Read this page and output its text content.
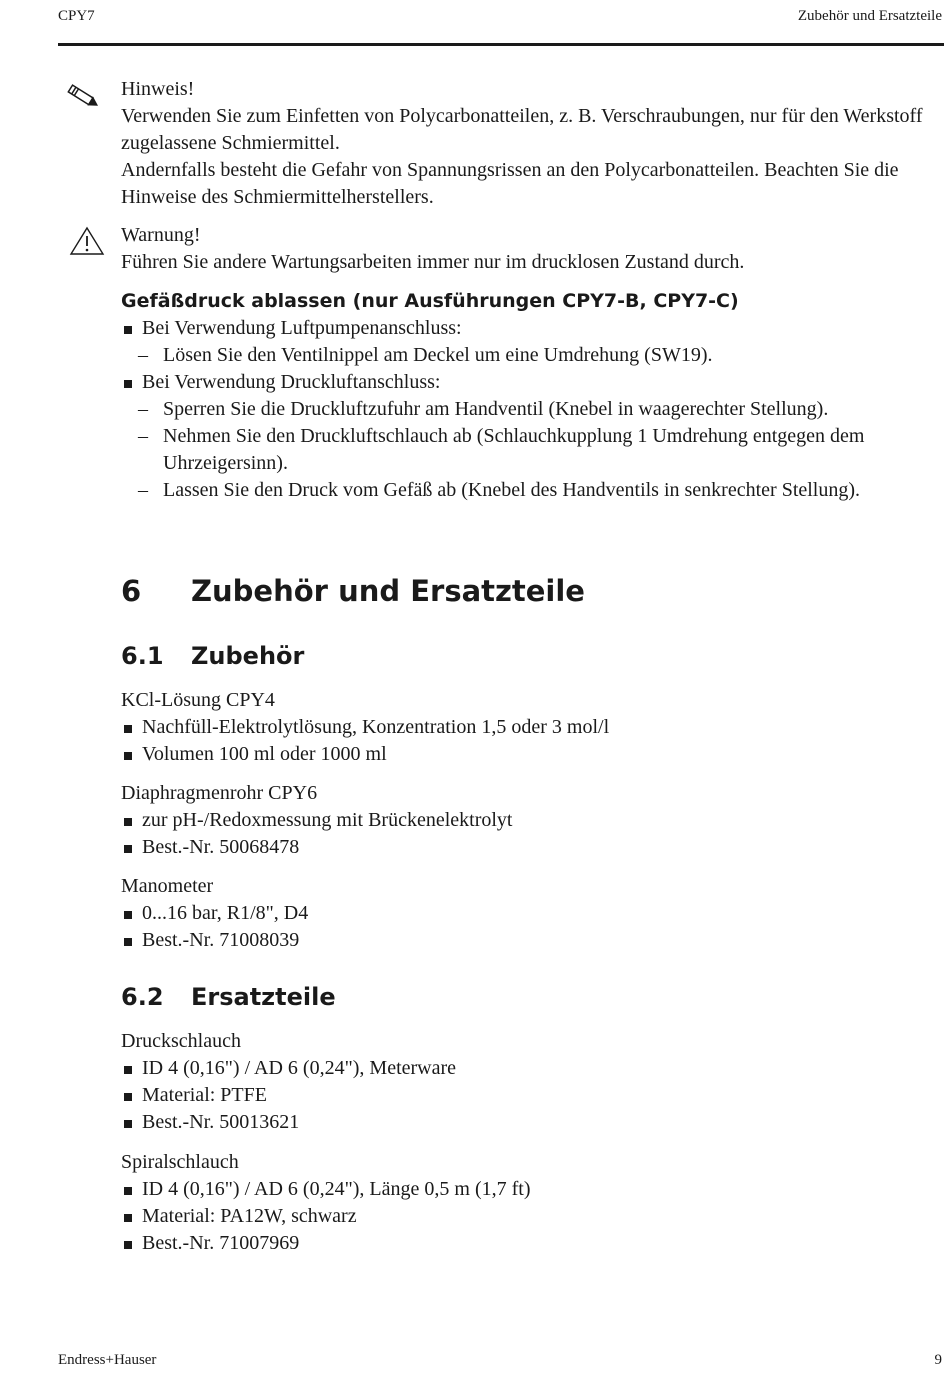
CPY7	Zubehör und Ersatzteile

Hinweis!

Verwenden Sie zum Einfetten von Polycarbonatteilen, z. B. Verschraubungen, nur für den Werkstoff zugelassene Schmiermittel.

Andernfalls besteht die Gefahr von Spannungsrissen an den Polycarbonatteilen. Beachten Sie die Hinweise des Schmiermittelherstellers.

Warnung!

Führen Sie andere Wartungsarbeiten immer nur im drucklosen Zustand durch.

Gefäßdruck ablassen (nur Ausführungen CPY7-B, CPY7-C)

Bei Verwendung Luftpumpenanschluss:
– Lösen Sie den Ventilnippel am Deckel um eine Umdrehung (SW19).
Bei Verwendung Druckluftanschluss:
– Sperren Sie die Druckluftzufuhr am Handventil (Knebel in waagerechter Stellung).
– Nehmen Sie den Druckluftschlauch ab (Schlauchkupplung 1 Umdrehung entgegen dem Uhrzeigersinn).
– Lassen Sie den Druck vom Gefäß ab (Knebel des Handventils in senkrechter Stellung).
6 Zubehör und Ersatzteile
6.1 Zubehör

KCl-Lösung CPY4

Nachfüll-Elektrolytlösung, Konzentration 1,5 oder 3 mol/l
Volumen 100 ml oder 1000 ml

Diaphragmenrohr CPY6

zur pH-/Redoxmessung mit Brückenelektrolyt
Best.-Nr. 50068478

Manometer

0...16 bar, R1/8", D4
Best.-Nr. 71008039
6.2 Ersatzteile

Druckschlauch

ID 4 (0,16") / AD 6 (0,24"), Meterware
Material: PTFE
Best.-Nr. 50013621

Spiralschlauch

ID 4 (0,16") / AD 6 (0,24"), Länge 0,5 m (1,7 ft)
Material: PA12W, schwarz
Best.-Nr. 71007969
Endress+Hauser	9
